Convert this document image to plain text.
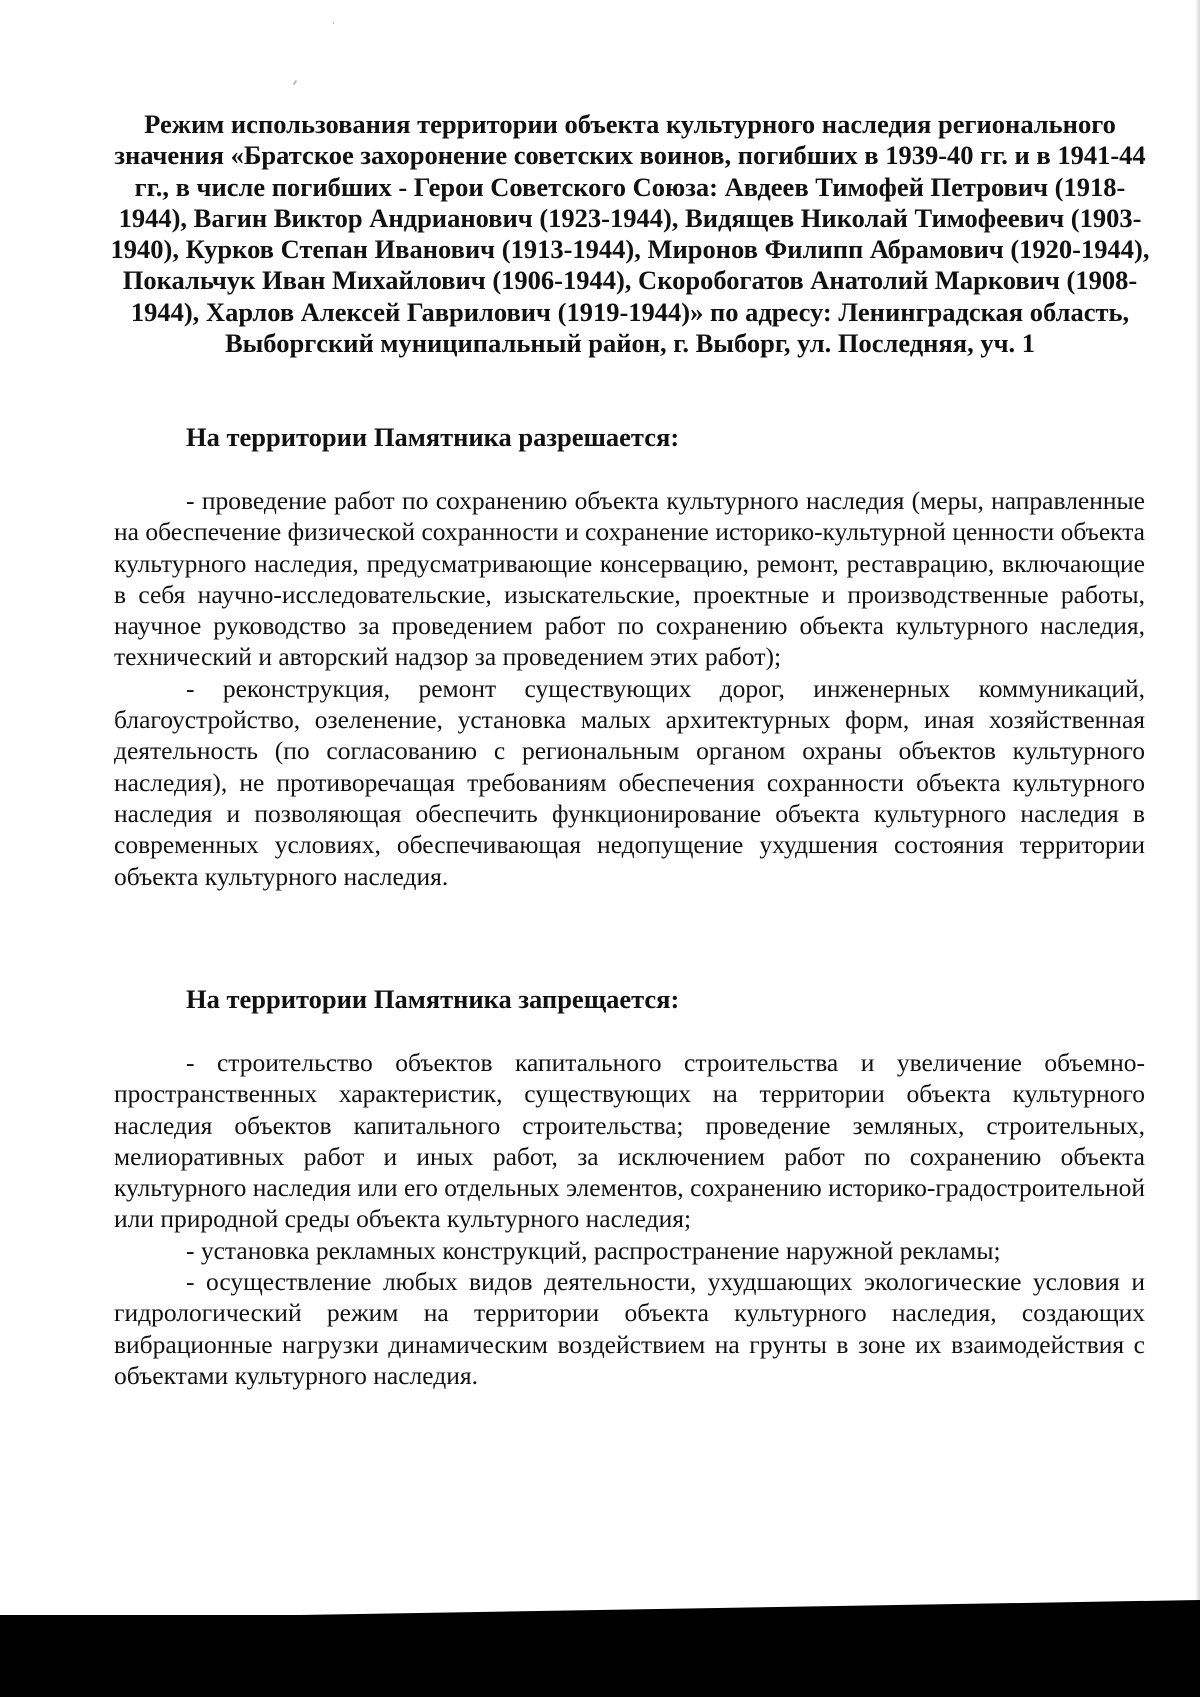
Режим использования территории объекта культурного наследия регионального значения «Братское захоронение советских воинов, погибших в 1939-40 гг. и в 1941-44 гг., в числе погибших - Герои Советского Союза: Авдеев Тимофей Петрович (1918-1944), Вагин Виктор Андрианович (1923-1944), Видящев Николай Тимофеевич (1903-1940), Курков Степан Иванович (1913-1944), Миронов Филипп Абрамович (1920-1944), Покальчук Иван Михайлович (1906-1944), Скоробогатов Анатолий Маркович (1908-1944), Харлов Алексей Гаврилович (1919-1944)» по адресу: Ленинградская область, Выборгский муниципальный район, г. Выборг, ул. Последняя, уч. 1
На территории Памятника разрешается:

- проведение работ по сохранению объекта культурного наследия (меры, направленные на обеспечение физической сохранности и сохранение историко-культурной ценности объекта культурного наследия, предусматривающие консервацию, ремонт, реставрацию, включающие в себя научно-исследовательские, изыскательские, проектные и производственные работы, научное руководство за проведением работ по сохранению объекта культурного наследия, технический и авторский надзор за проведением этих работ);

- реконструкция, ремонт существующих дорог, инженерных коммуникаций, благоустройство, озеленение, установка малых архитектурных форм, иная хозяйственная деятельность (по согласованию с региональным органом охраны объектов культурного наследия), не противоречащая требованиям обеспечения сохранности объекта культурного наследия и позволяющая обеспечить функционирование объекта культурного наследия в современных условиях, обеспечивающая недопущение ухудшения состояния территории объекта культурного наследия.

На территории Памятника запрещается:

- строительство объектов капитального строительства и увеличение объемно-пространственных характеристик, существующих на территории объекта культурного наследия объектов капитального строительства; проведение земляных, строительных, мелиоративных работ и иных работ, за исключением работ по сохранению объекта культурного наследия или его отдельных элементов, сохранению историко-градостроительной или природной среды объекта культурного наследия;

- установка рекламных конструкций, распространение наружной рекламы;

- осуществление любых видов деятельности, ухудшающих экологические условия и гидрологический режим на территории объекта культурного наследия, создающих вибрационные нагрузки динамическим воздействием на грунты в зоне их взаимодействия с объектами культурного наследия.
